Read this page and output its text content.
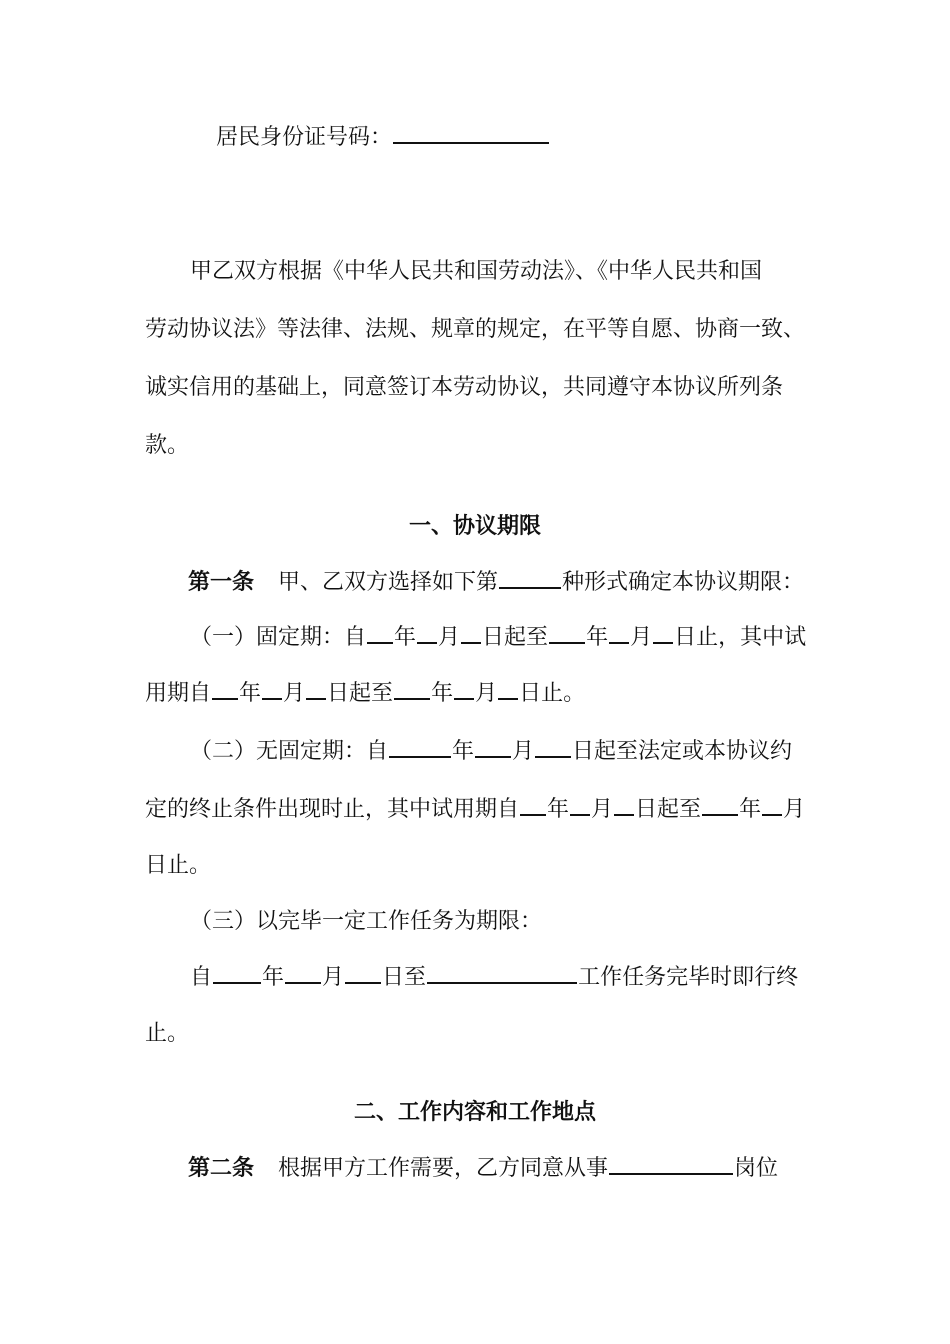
居民身份证号码：
甲乙双方根据《中华人民共和国劳动法》、《中华人民共和国
劳动协议法》等法律、法规、规章的规定，在平等自愿、协商一致、
诚实信用的基础上，同意签订本劳动协议，共同遵守本协议所列条
款。
一、协议期限
第一条 甲、乙双方选择如下第	种形式确定本协议期限：
（一）固定期：自 年 月 日起至 年 月 日止，其中试
用期自 年 月 日起至 年 月 日止。
（二）无固定期：自	年 月 日起至法定或本协议约
定的终止条件出现时止，其中试用期自 年 月 日起至 年 月
日止。
（三）以完毕一定工作任务为期限：
自 年 月 日至	工作任务完毕时即行终
止。
二、工作内容和工作地点
第二条 根据甲方工作需要，乙方同意从事	岗位
